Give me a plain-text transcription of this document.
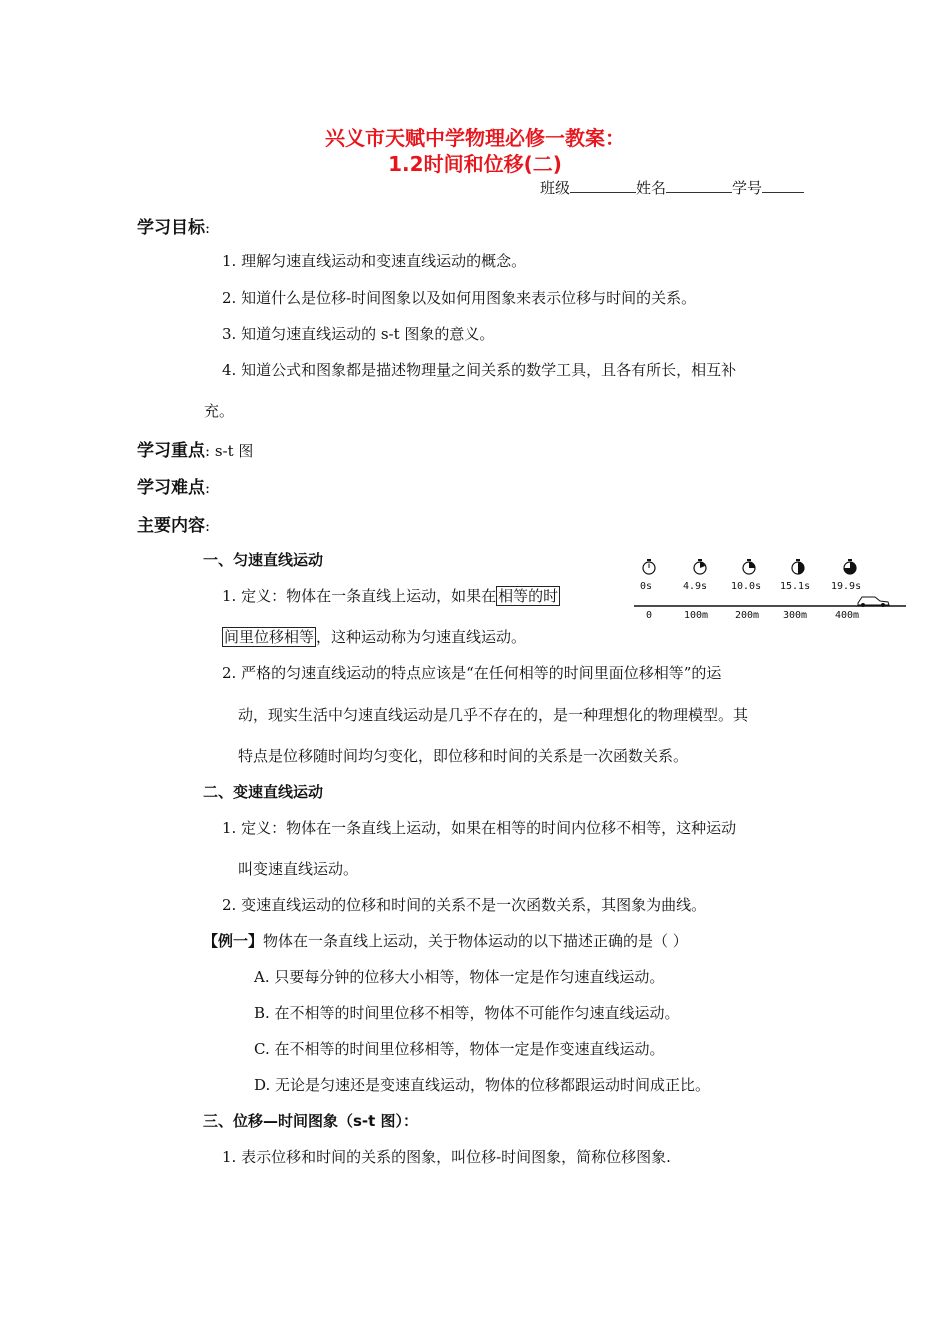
兴义市天赋中学物理必修一教案：
1.2时间和位移(二)
班级	姓名	学号
学习目标:
1. 理解匀速直线运动和变速直线运动的概念。
2. 知道什么是位移-时间图象以及如何用图象来表示位移与时间的关系。
3. 知道匀速直线运动的 s-t 图象的意义。
4. 知道公式和图象都是描述物理量之间关系的数学工具，且各有所长，相互补
充。
学习重点: s-t 图
学习难点:
主要内容:
一、匀速直线运动
1. 定义：物体在一条直线上运动，如果在 相等的时
间里位移相等 ，这种运动称为匀速直线运动。
0s	4.9s 10.0s 15.1s 19.9s
0	100m	200m 300m	400m
2. 严格的匀速直线运动的特点应该是“在任何相等的时间里面位移相等”的运
动，现实生活中匀速直线运动是几乎不存在的，是一种理想化的物理模型。其
特点是位移随时间均匀变化，即位移和时间的关系是一次函数关系。
二、变速直线运动
1. 定义：物体在一条直线上运动，如果在相等的时间内位移不相等，这种运动
叫变速直线运动。
2. 变速直线运动的位移和时间的关系不是一次函数关系，其图象为曲线。
【例一】物体在一条直线上运动，关于物体运动的以下描述正确的是（ ）
A. 只要每分钟的位移大小相等，物体一定是作匀速直线运动。
B. 在不相等的时间里位移不相等，物体不可能作匀速直线运动。
C. 在不相等的时间里位移相等，物体一定是作变速直线运动。
D. 无论是匀速还是变速直线运动，物体的位移都跟运动时间成正比。
三、位移—时间图象（s-t 图）：
1. 表示位移和时间的关系的图象，叫位移-时间图象，简称位移图象.
